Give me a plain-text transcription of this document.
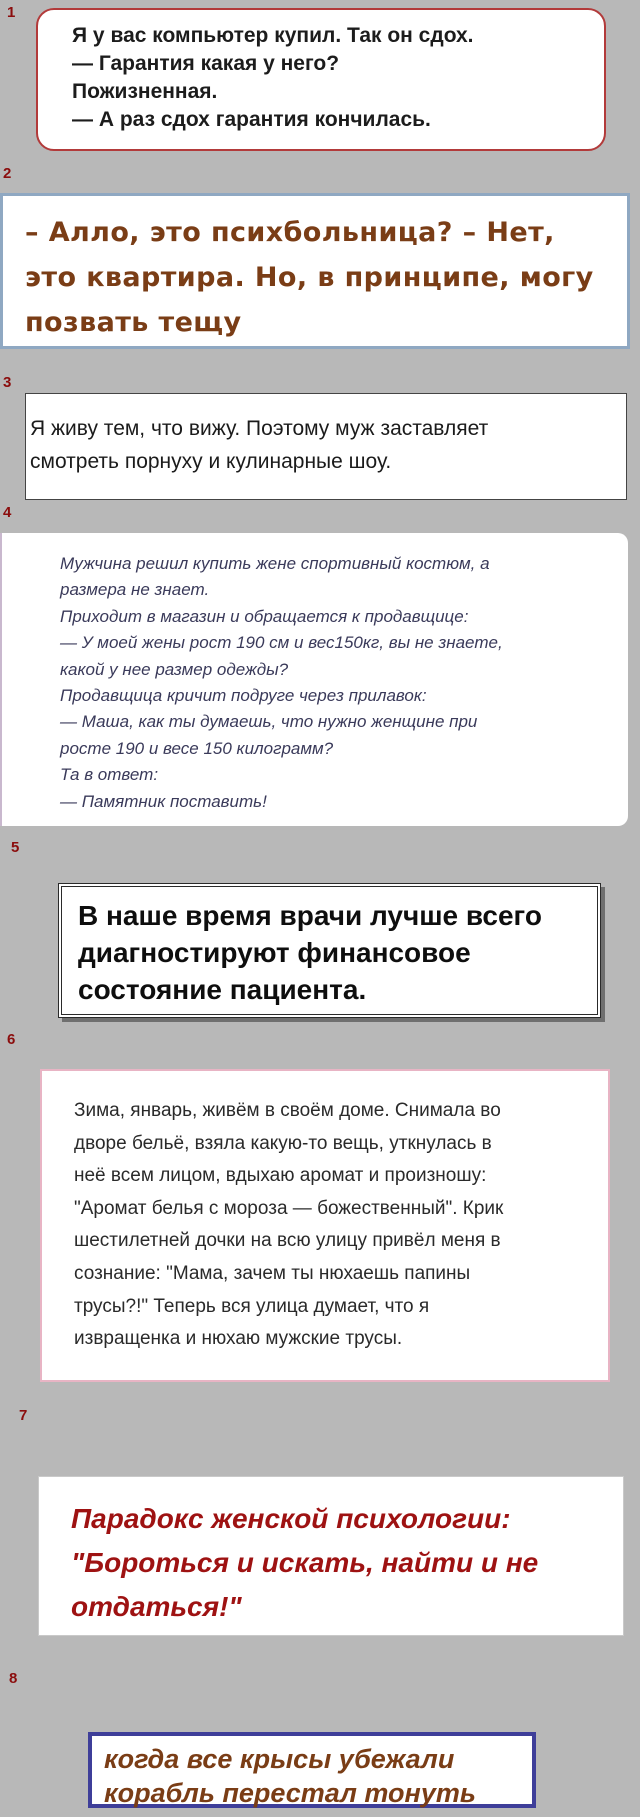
1
2
3
4
5
6
7
8
Я у вас компьютер купил. Так он сдох.
— Гарантия какая у него?
Пожизненная.
— А раз сдох гарантия кончилась.
– Алло, это психбольница? – Нет,
это квартира. Но, в принципе, могу
позвать тещу
Я живу тем, что вижу. Поэтому муж заставляет
смотреть порнуху и кулинарные шоу.
Мужчина решил купить жене спортивный костюм, а
размера не знает.
Приходит в магазин и обращается к продавщице:
— У моей жены рост 190 см и вес150кг, вы не знаете,
какой у нее размер одежды?
Продавщица кричит подруге через прилавок:
— Маша, как ты думаешь, что нужно женщине при
росте 190 и весе 150 килограмм?
Та в ответ:
— Памятник поставить!
В наше время врачи лучше всего
диагностируют финансовое
состояние пациента.
Зима, январь, живём в своём доме. Снимала во
дворе бельё, взяла какую-то вещь, уткнулась в
неё всем лицом, вдыхаю аромат и произношу:
"Аромат белья с мороза — божественный". Крик
шестилетней дочки на всю улицу привёл меня в
сознание: "Мама, зачем ты нюхаешь папины
трусы?!" Теперь вся улица думает, что я
извращенка и нюхаю мужские трусы.
Парадокс женской психологии:
"Бороться и искать, найти и не
отдаться!"
когда все крысы убежали
корабль перестал тонуть
